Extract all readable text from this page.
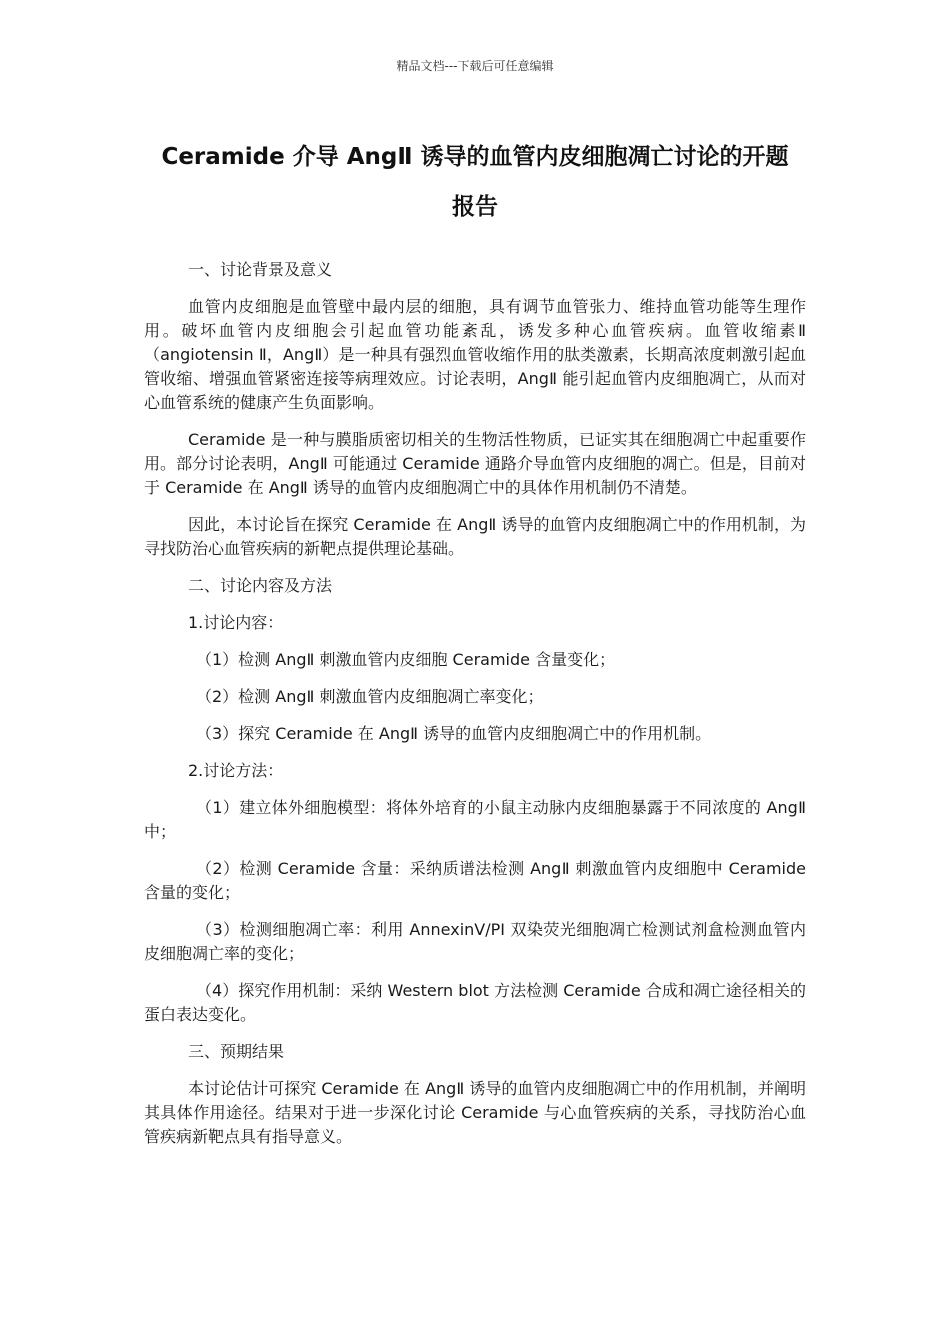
精品文档---下载后可任意编辑
Ceramide 介导 AngⅡ 诱导的血管内皮细胞凋亡讨论的开题
报告

一、讨论背景及意义

血管内皮细胞是血管壁中最内层的细胞，具有调节血管张力、维持血管功能等生理作用。破坏血管内皮细胞会引起血管功能紊乱，诱发多种心血管疾病。血管收缩素Ⅱ（angiotensin Ⅱ，AngⅡ）是一种具有强烈血管收缩作用的肽类激素，长期高浓度刺激引起血管收缩、增强血管紧密连接等病理效应。讨论表明，AngⅡ 能引起血管内皮细胞凋亡，从而对心血管系统的健康产生负面影响。

Ceramide 是一种与膜脂质密切相关的生物活性物质，已证实其在细胞凋亡中起重要作用。部分讨论表明，AngⅡ 可能通过 Ceramide 通路介导血管内皮细胞的凋亡。但是，目前对于 Ceramide 在 AngⅡ 诱导的血管内皮细胞凋亡中的具体作用机制仍不清楚。

因此，本讨论旨在探究 Ceramide 在 AngⅡ 诱导的血管内皮细胞凋亡中的作用机制，为寻找防治心血管疾病的新靶点提供理论基础。

二、讨论内容及方法

1.讨论内容：

（1）检测 AngⅡ 刺激血管内皮细胞 Ceramide 含量变化；

（2）检测 AngⅡ 刺激血管内皮细胞凋亡率变化；

（3）探究 Ceramide 在 AngⅡ 诱导的血管内皮细胞凋亡中的作用机制。

2.讨论方法：

（1）建立体外细胞模型：将体外培育的小鼠主动脉内皮细胞暴露于不同浓度的 AngⅡ 中；

（2）检测 Ceramide 含量：采纳质谱法检测 AngⅡ 刺激血管内皮细胞中 Ceramide 含量的变化；

（3）检测细胞凋亡率：利用 AnnexinV/PI 双染荧光细胞凋亡检测试剂盒检测血管内皮细胞凋亡率的变化；

（4）探究作用机制：采纳 Western blot 方法检测 Ceramide 合成和凋亡途径相关的蛋白表达变化。

三、预期结果

本讨论估计可探究 Ceramide 在 AngⅡ 诱导的血管内皮细胞凋亡中的作用机制，并阐明其具体作用途径。结果对于进一步深化讨论 Ceramide 与心血管疾病的关系，寻找防治心血管疾病新靶点具有指导意义。
